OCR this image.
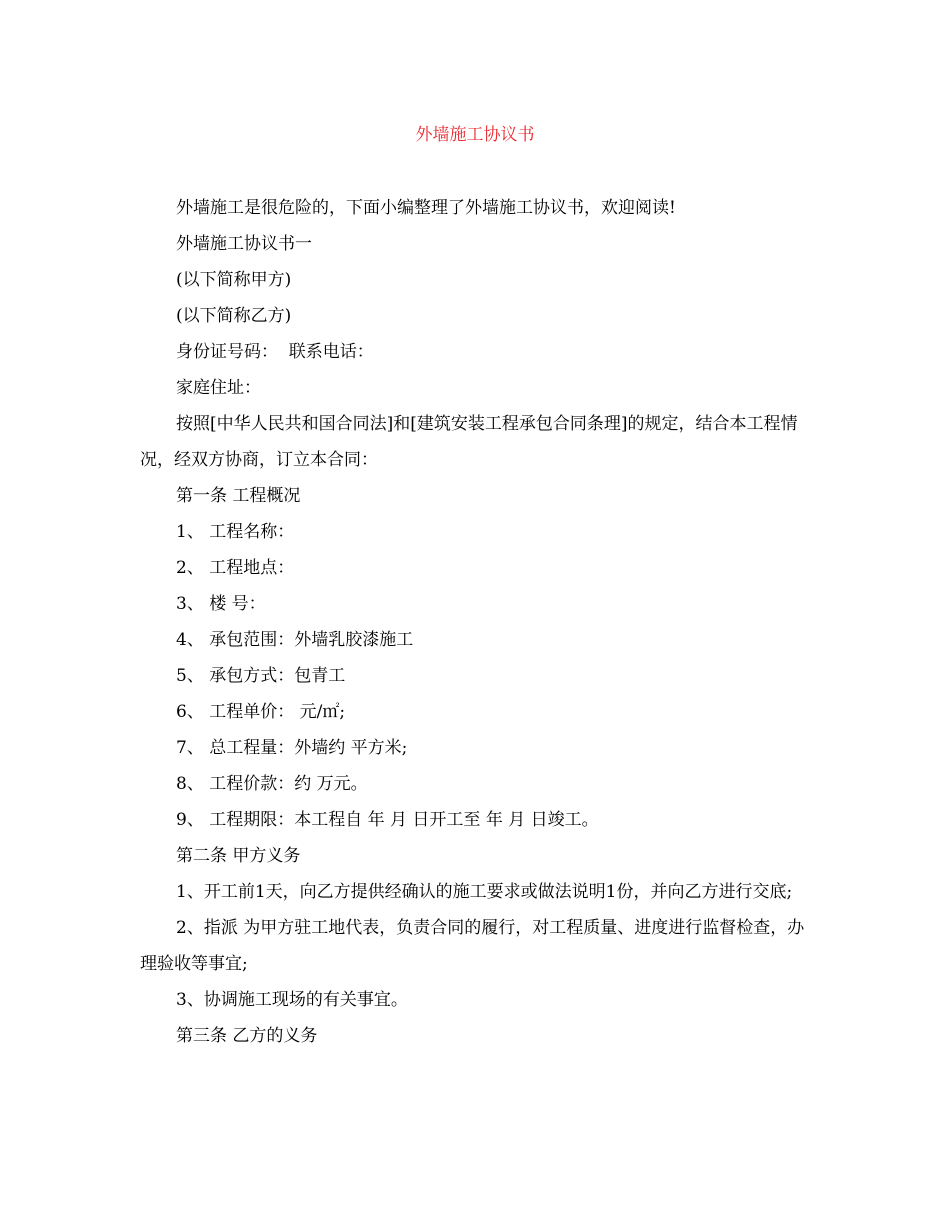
外墙施工协议书

外墙施工是很危险的，下面小编整理了外墙施工协议书，欢迎阅读!

外墙施工协议书一

(以下简称甲方)

(以下简称乙方)

身份证号码：  联系电话：

家庭住址：

按照[中华人民共和国合同法]和[建筑安装工程承包合同条理]的规定，结合本工程情况，经双方协商，订立本合同：

第一条 工程概况

1、 工程名称：

2、 工程地点：

3、 楼 号：

4、 承包范围：外墙乳胶漆施工

5、 承包方式：包青工

6、 工程单价： 元/㎡;

7、 总工程量：外墙约 平方米;

8、 工程价款：约 万元。

9、 工程期限：本工程自 年 月 日开工至 年 月 日竣工。

第二条 甲方义务

1、开工前1天，向乙方提供经确认的施工要求或做法说明1份，并向乙方进行交底;

2、指派 为甲方驻工地代表，负责合同的履行，对工程质量、进度进行监督检查，办理验收等事宜;

3、协调施工现场的有关事宜。

第三条 乙方的义务
